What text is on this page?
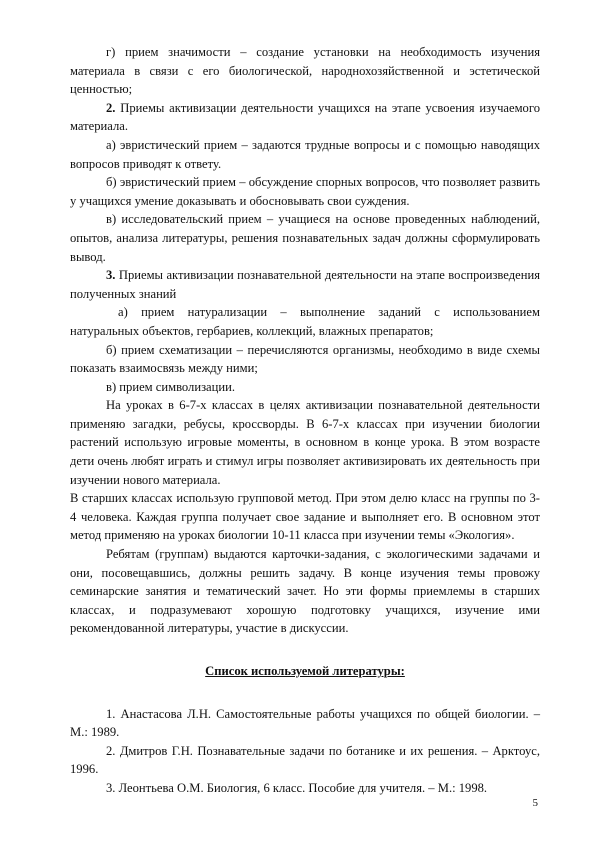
г) прием значимости – создание установки на необходимость изучения материала в связи с его биологической, народнохозяйственной и эстетической ценностью;

2. Приемы активизации деятельности учащихся на этапе усвоения изучаемого материала.

а) эвристический прием – задаются трудные вопросы и с помощью наводящих вопросов приводят к ответу.

б) эвристический прием – обсуждение спорных вопросов, что позволяет развить у учащихся умение доказывать и обосновывать свои суждения.

в) исследовательский прием – учащиеся на основе проведенных наблюдений, опытов, анализа литературы, решения познавательных задач должны сформулировать вывод.

3. Приемы активизации познавательной деятельности на этапе воспроизведения полученных знаний

а) прием натурализации – выполнение заданий с использованием натуральных объектов, гербариев, коллекций, влажных препаратов;

б) прием схематизации – перечисляются организмы, необходимо в виде схемы показать взаимосвязь между ними;

в) прием символизации.

На уроках в 6-7-х классах в целях активизации познавательной деятельности применяю загадки, ребусы, кроссворды. В 6-7-х классах при изучении биологии растений использую игровые моменты, в основном в конце урока. В этом возрасте дети очень любят играть и стимул игры позволяет активизировать их деятельность при изучении нового материала.

В старших классах использую групповой метод. При этом делю класс на группы по 3-4 человека. Каждая группа получает свое задание и выполняет его. В основном этот метод применяю на уроках биологии 10-11 класса при изучении темы «Экология».

Ребятам (группам) выдаются карточки-задания, с экологическими задачами и они, посовещавшись, должны решить задачу. В конце изучения темы провожу семинарские занятия и тематический зачет. Но эти формы приемлемы в старших классах, и подразумевают хорошую подготовку учащихся, изучение ими рекомендованной литературы, участие в дискуссии.

Список используемой литературы:

1. Анастасова Л.Н. Самостоятельные работы учащихся по общей биологии. – М.: 1989.

2. Дмитров Г.Н. Познавательные задачи по ботанике и их решения. – Арктоус, 1996.

3. Леонтьева О.М. Биология, 6 класс. Пособие для учителя. – М.: 1998.

5
